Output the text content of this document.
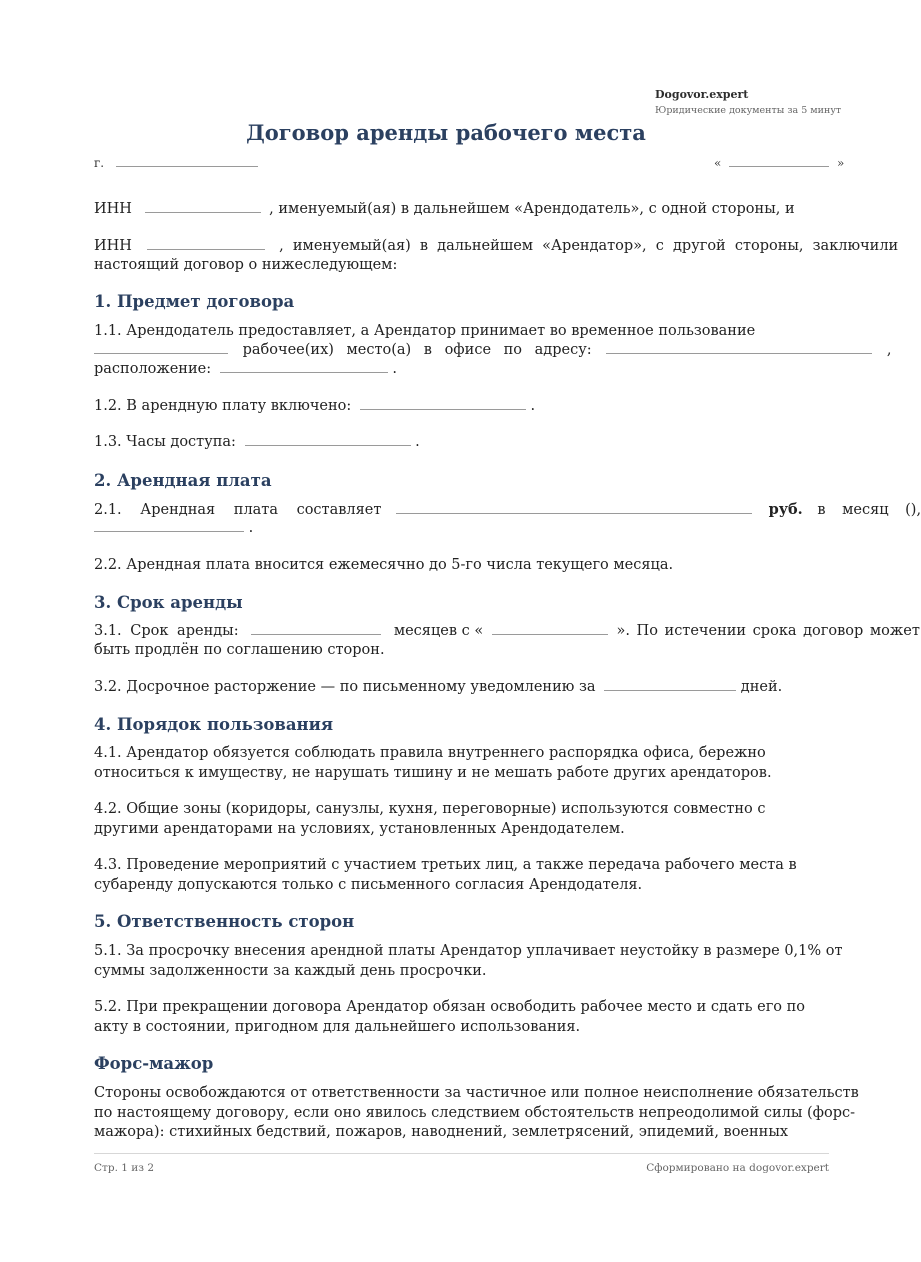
Dogovor.expert
Юридические документы за 5 минут
Договор аренды рабочего места
г.	«	»
ИНН	, именуемый(ая) в дальнейшем «Арендодатель», с одной стороны, и
ИНН	, именуемый(ая) в дальнейшем «Арендатор», с другой стороны, заключили
настоящий договор о нижеследующем:
1. Предмет договора
1.1. Арендодатель предоставляет, а Арендатор принимает во временное пользование
рабочее(их) место(а) в офисе по адресу:	,
расположение:	.
1.2. В арендную плату включено:	.
1.3. Часы доступа:	.
2. Арендная плата
2.1. Арендная плата составляет	руб. в месяц (),
.
2.2. Арендная плата вносится ежемесячно до 5-го числа текущего месяца.
3. Срок аренды
3.1. Срок аренды:	месяцев с «	». По истечении срока договор может
быть продлён по соглашению сторон.
3.2. Досрочное расторжение — по письменному уведомлению за	дней.
4. Порядок пользования
4.1. Арендатор обязуется соблюдать правила внутреннего распорядка офиса, бережно относиться к имуществу, не нарушать тишину и не мешать работе других арендаторов.
4.2. Общие зоны (коридоры, санузлы, кухня, переговорные) используются совместно с другими арендаторами на условиях, установленных Арендодателем.
4.3. Проведение мероприятий с участием третьих лиц, а также передача рабочего места в субаренду допускаются только с письменного согласия Арендодателя.
5. Ответственность сторон
5.1. За просрочку внесения арендной платы Арендатор уплачивает неустойку в размере 0,1% от суммы задолженности за каждый день просрочки.
5.2. При прекращении договора Арендатор обязан освободить рабочее место и сдать его по акту в состоянии, пригодном для дальнейшего использования.
Форс-мажор
Стороны освобождаются от ответственности за частичное или полное неисполнение обязательств по настоящему договору, если оно явилось следствием обстоятельств непреодолимой силы (форс-мажора): стихийных бедствий, пожаров, наводнений, землетрясений, эпидемий, военных
Стр. 1 из 2	Сформировано на dogovor.expert
